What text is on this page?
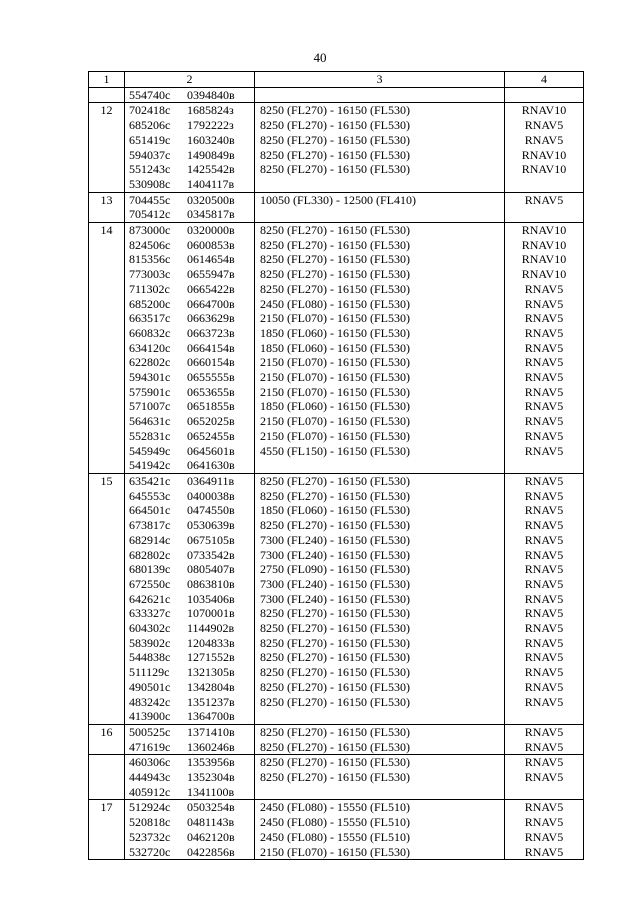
40
1	2	3	4
	554740с 0394840в		
12	702418с 1685824з	8250 (FL270) - 16150 (FL530)	RNAV10
	685206с 1792222з	8250 (FL270) - 16150 (FL530)	RNAV5
	651419с 1603240в	8250 (FL270) - 16150 (FL530)	RNAV5
	594037с 1490849в	8250 (FL270) - 16150 (FL530)	RNAV10
	551243с 1425542в	8250 (FL270) - 16150 (FL530)	RNAV10
	530908с 1404117в		
13	704455с 0320500в	10050 (FL330) - 12500 (FL410)	RNAV5
	705412с 0345817в		
14	873000с 0320000в	8250 (FL270) - 16150 (FL530)	RNAV10
	824506с 0600853в	8250 (FL270) - 16150 (FL530)	RNAV10
	815356с 0614654в	8250 (FL270) - 16150 (FL530)	RNAV10
	773003с 0655947в	8250 (FL270) - 16150 (FL530)	RNAV10
	711302с 0665422в	8250 (FL270) - 16150 (FL530)	RNAV5
	685200с 0664700в	2450 (FL080) - 16150 (FL530)	RNAV5
	663517с 0663629в	2150 (FL070) - 16150 (FL530)	RNAV5
	660832с 0663723в	1850 (FL060) - 16150 (FL530)	RNAV5
	634120с 0664154в	1850 (FL060) - 16150 (FL530)	RNAV5
	622802с 0660154в	2150 (FL070) - 16150 (FL530)	RNAV5
	594301с 0655555в	2150 (FL070) - 16150 (FL530)	RNAV5
	575901с 0653655в	2150 (FL070) - 16150 (FL530)	RNAV5
	571007с 0651855в	1850 (FL060) - 16150 (FL530)	RNAV5
	564631с 0652025в	2150 (FL070) - 16150 (FL530)	RNAV5
	552831с 0652455в	2150 (FL070) - 16150 (FL530)	RNAV5
	545949с 0645601в	4550 (FL150) - 16150 (FL530)	RNAV5
	541942с 0641630в		
15	635421с 0364911в	8250 (FL270) - 16150 (FL530)	RNAV5
	645553с 0400038в	8250 (FL270) - 16150 (FL530)	RNAV5
	664501с 0474550в	1850 (FL060) - 16150 (FL530)	RNAV5
	673817с 0530639в	8250 (FL270) - 16150 (FL530)	RNAV5
	682914с 0675105в	7300 (FL240) - 16150 (FL530)	RNAV5
	682802с 0733542в	7300 (FL240) - 16150 (FL530)	RNAV5
	680139с 0805407в	2750 (FL090) - 16150 (FL530)	RNAV5
	672550с 0863810в	7300 (FL240) - 16150 (FL530)	RNAV5
	642621с 1035406в	7300 (FL240) - 16150 (FL530)	RNAV5
	633327с 1070001в	8250 (FL270) - 16150 (FL530)	RNAV5
	604302с 1144902в	8250 (FL270) - 16150 (FL530)	RNAV5
	583902с 1204833в	8250 (FL270) - 16150 (FL530)	RNAV5
	544838с 1271552в	8250 (FL270) - 16150 (FL530)	RNAV5
	511129с 1321305в	8250 (FL270) - 16150 (FL530)	RNAV5
	490501с 1342804в	8250 (FL270) - 16150 (FL530)	RNAV5
	483242с 1351237в	8250 (FL270) - 16150 (FL530)	RNAV5
	413900с 1364700в		
16	500525с 1371410в	8250 (FL270) - 16150 (FL530)	RNAV5
	471619с 1360246в	8250 (FL270) - 16150 (FL530)	RNAV5
	460306с 1353956в	8250 (FL270) - 16150 (FL530)	RNAV5
	444943с 1352304в	8250 (FL270) - 16150 (FL530)	RNAV5
	405912с 1341100в		
17	512924с 0503254в	2450 (FL080) - 15550 (FL510)	RNAV5
	520818с 0481143в	2450 (FL080) - 15550 (FL510)	RNAV5
	523732с 0462120в	2450 (FL080) - 15550 (FL510)	RNAV5
	532720с 0422856в	2150 (FL070) - 16150 (FL530)	RNAV5
